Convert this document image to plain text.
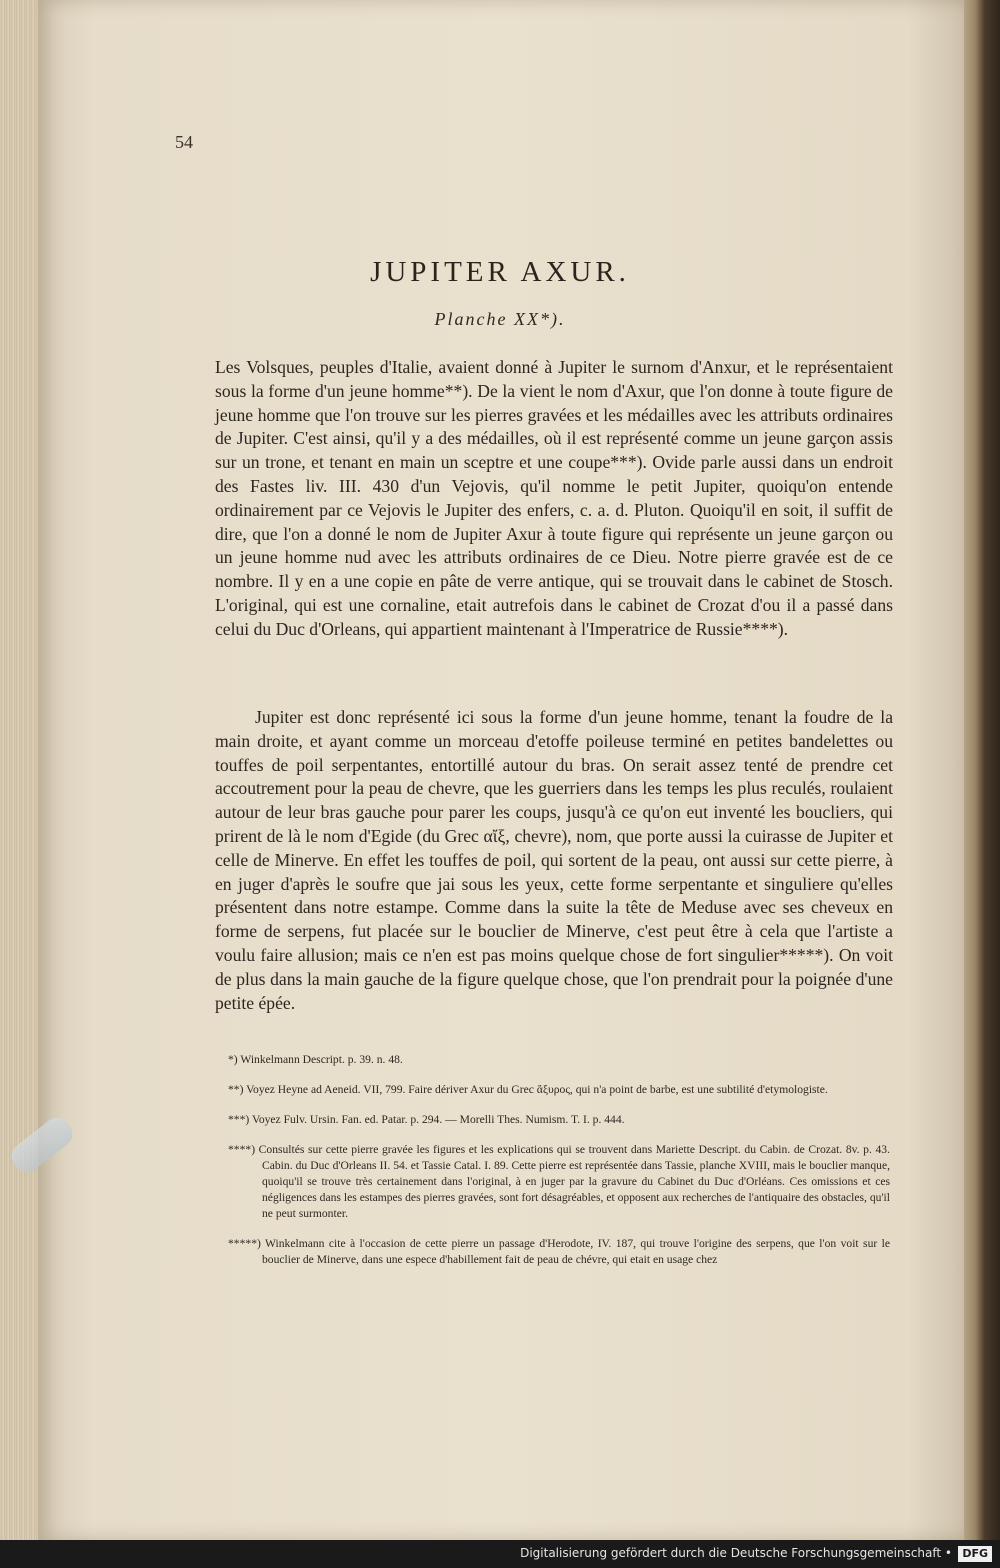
54
JUPITER AXUR.
Planche XX*).
Les Volsques, peuples d'Italie, avaient donné à Jupiter le surnom d'Anxur, et le représentaient sous la forme d'un jeune homme**). De la vient le nom d'Axur, que l'on donne à toute figure de jeune homme que l'on trouve sur les pierres gravées et les médailles avec les attributs ordinaires de Jupiter. C'est ainsi, qu'il y a des médailles, où il est représenté comme un jeune garçon assis sur un trone, et tenant en main un sceptre et une coupe***). Ovide parle aussi dans un endroit des Fastes liv. III. 430 d'un Vejovis, qu'il nomme le petit Jupiter, quoiqu'on entende ordinairement par ce Vejovis le Jupiter des enfers, c. a. d. Pluton. Quoiqu'il en soit, il suffit de dire, que l'on a donné le nom de Jupiter Axur à toute figure qui représente un jeune garçon ou un jeune homme nud avec les attributs ordinaires de ce Dieu. Notre pierre gravée est de ce nombre. Il y en a une copie en pâte de verre antique, qui se trouvait dans le cabinet de Stosch. L'original, qui est une cornaline, etait autrefois dans le cabinet de Crozat d'ou il a passé dans celui du Duc d'Orleans, qui appartient maintenant à l'Imperatrice de Russie****).
Jupiter est donc représenté ici sous la forme d'un jeune homme, tenant la foudre de la main droite, et ayant comme un morceau d'etoffe poileuse terminé en petites bandelettes ou touffes de poil serpentantes, entortillé autour du bras. On serait assez tenté de prendre cet accoutrement pour la peau de chevre, que les guerriers dans les temps les plus reculés, roulaient autour de leur bras gauche pour parer les coups, jusqu'à ce qu'on eut inventé les boucliers, qui prirent de là le nom d'Egide (du Grec αἴξ, chevre), nom, que porte aussi la cuirasse de Jupiter et celle de Minerve. En effet les touffes de poil, qui sortent de la peau, ont aussi sur cette pierre, à en juger d'après le soufre que jai sous les yeux, cette forme serpentante et singuliere qu'elles présentent dans notre estampe. Comme dans la suite la tête de Meduse avec ses cheveux en forme de serpens, fut placée sur le bouclier de Minerve, c'est peut être à cela que l'artiste a voulu faire allusion; mais ce n'en est pas moins quelque chose de fort singulier*****). On voit de plus dans la main gauche de la figure quelque chose, que l'on prendrait pour la poignée d'une petite épée.
*) Winkelmann Descript. p. 39. n. 48.
**) Voyez Heyne ad Aeneid. VII, 799. Faire dériver Axur du Grec ἄξυρος, qui n'a point de barbe, est une subtilité d'etymologiste.
***) Voyez Fulv. Ursin. Fan. ed. Patar. p. 294. — Morelli Thes. Numism. T. I. p. 444.
****) Consultés sur cette pierre gravée les figures et les explications qui se trouvent dans Mariette Descript. du Cabin. de Crozat. 8v. p. 43. Cabin. du Duc d'Orleans II. 54. et Tassie Catal. I. 89. Cette pierre est représentée dans Tassie, planche XVIII, mais le bouclier manque, quoiqu'il se trouve très certainement dans l'original, à en juger par la gravure du Cabinet du Duc d'Orléans. Ces omissions et ces négligences dans les estampes des pierres gravées, sont fort désagréables, et opposent aux recherches de l'antiquaire des obstacles, qu'il ne peut surmonter.
*****) Winkelmann cite à l'occasion de cette pierre un passage d'Herodote, IV. 187, qui trouve l'origine des serpens, que l'on voit sur le bouclier de Minerve, dans une espece d'habillement fait de peau de chévre, qui etait en usage chez
Digitalisierung gefördert durch die Deutsche Forschungsgemeinschaft • DFG
